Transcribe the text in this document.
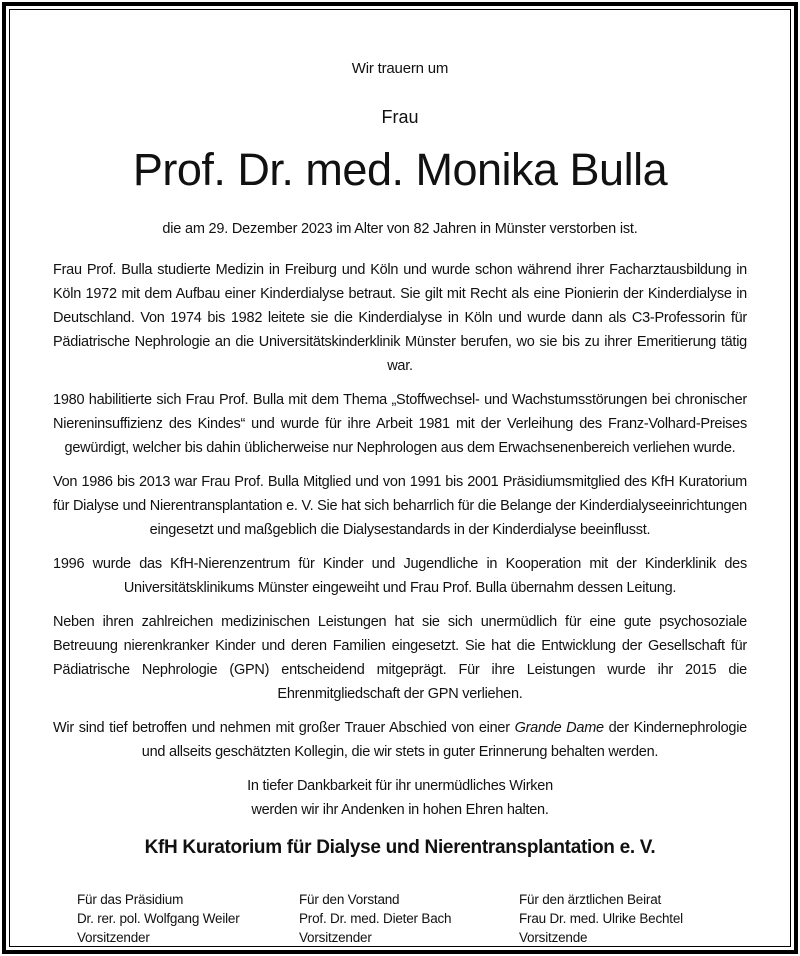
Wir trauern um

Frau

Prof. Dr. med. Monika Bulla

die am 29. Dezember 2023 im Alter von 82 Jahren in Münster verstorben ist.

Frau Prof. Bulla studierte Medizin in Freiburg und Köln und wurde schon während ihrer Facharztausbildung in Köln 1972 mit dem Aufbau einer Kinderdialyse betraut. Sie gilt mit Recht als eine Pionierin der Kinderdialyse in Deutschland. Von 1974 bis 1982 leitete sie die Kinderdialyse in Köln und wurde dann als C3-Professorin für Pädiatrische Nephrologie an die Universitätskinderklinik Münster berufen, wo sie bis zu ihrer Emeritierung tätig war.

1980 habilitierte sich Frau Prof. Bulla mit dem Thema „Stoffwechsel- und Wachstumsstörungen bei chronischer Niereninsuffizienz des Kindes“ und wurde für ihre Arbeit 1981 mit der Verleihung des Franz-Volhard-Preises gewürdigt, welcher bis dahin üblicherweise nur Nephrologen aus dem Erwachsenenbereich verliehen wurde.

Von 1986 bis 2013 war Frau Prof. Bulla Mitglied und von 1991 bis 2001 Präsidiumsmitglied des KfH Kuratorium für Dialyse und Nierentransplantation e. V. Sie hat sich beharrlich für die Belange der Kinderdialyseeinrichtungen eingesetzt und maßgeblich die Dialysestandards in der Kinderdialyse beeinflusst.

1996 wurde das KfH-Nierenzentrum für Kinder und Jugendliche in Kooperation mit der Kinderklinik des Universitätsklinikums Münster eingeweiht und Frau Prof. Bulla übernahm dessen Leitung.

Neben ihren zahlreichen medizinischen Leistungen hat sie sich unermüdlich für eine gute psychosoziale Betreuung nierenkranker Kinder und deren Familien eingesetzt. Sie hat die Entwicklung der Gesellschaft für Pädiatrische Nephrologie (GPN) entscheidend mitgeprägt. Für ihre Leistungen wurde ihr 2015 die Ehrenmitgliedschaft der GPN verliehen.

Wir sind tief betroffen und nehmen mit großer Trauer Abschied von einer Grande Dame der Kindernephrologie und allseits geschätzten Kollegin, die wir stets in guter Erinnerung behalten werden.

In tiefer Dankbarkeit für ihr unermüdliches Wirken
werden wir ihr Andenken in hohen Ehren halten.

KfH Kuratorium für Dialyse und Nierentransplantation e. V.

Für das Präsidium
Dr. rer. pol. Wolfgang Weiler
Vorsitzender
Für den Vorstand
Prof. Dr. med. Dieter Bach
Vorsitzender
Für den ärztlichen Beirat
Frau Dr. med. Ulrike Bechtel
Vorsitzende
